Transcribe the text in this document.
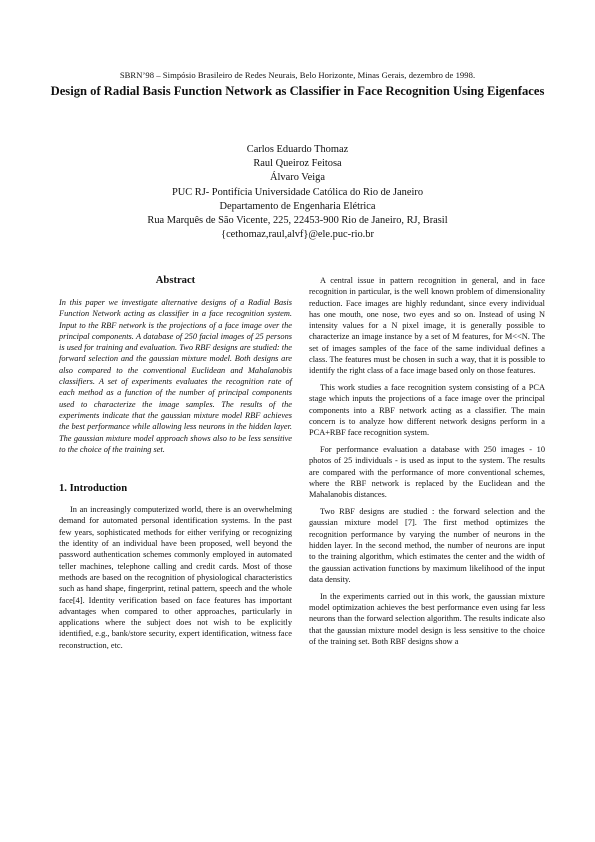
SBRN’98 – Simpósio Brasileiro de Redes Neurais, Belo Horizonte, Minas Gerais, dezembro de 1998.
Design of Radial Basis Function Network as Classifier in Face Recognition Using Eigenfaces
Carlos Eduardo Thomaz
Raul Queiroz Feitosa
Álvaro Veiga
PUC RJ- Pontifícia Universidade Católica do Rio de Janeiro
Departamento de Engenharia Elétrica
Rua Marquês de São Vicente, 225, 22453-900 Rio de Janeiro, RJ, Brasil
{cethomaz,raul,alvf}@ele.puc-rio.br
Abstract

In this paper we investigate alternative designs of a Radial Basis Function Network acting as classifier in a face recognition system. Input to the RBF network is the projections of a face image over the principal components. A database of 250 facial images of 25 persons is used for training and evaluation. Two RBF designs are studied: the forward selection and the gaussian mixture model. Both designs are also compared to the conventional Euclidean and Mahalanobis classifiers. A set of experiments evaluates the recognition rate of each method as a function of the number of principal components used to characterize the image samples. The results of the experiments indicate that the gaussian mixture model RBF achieves the best performance while allowing less neurons in the hidden layer. The gaussian mixture model approach shows also to be less sensitive to the choice of the training set.

1. Introduction

In an increasingly computerized world, there is an overwhelming demand for automated personal identification systems. In the past few years, sophisticated methods for either verifying or recognizing the identity of an individual have been proposed, well beyond the password authentication schemes commonly employed in automated teller machines, telephone calling and credit cards. Most of those methods are based on the recognition of physiological characteristics such as hand shape, fingerprint, retinal pattern, speech and the whole face[4]. Identity verification based on face features has important advantages when compared to other approaches, particularly in applications where the subject does not wish to be explicitly identified, e.g., bank/store security, expert identification, witness face reconstruction, etc.

A central issue in pattern recognition in general, and in face recognition in particular, is the well known problem of dimensionality reduction. Face images are highly redundant, since every individual has one mouth, one nose, two eyes and so on. Instead of using N intensity values for a N pixel image, it is generally possible to characterize an image instance by a set of M features, for M<<N. The set of images samples of the face of the same individual defines a class. The features must be chosen in such a way, that it is possible to identify the right class of a face image based only on those features.

This work studies a face recognition system consisting of a PCA stage which inputs the projections of a face image over the principal components into a RBF network acting as a classifier. The main concern is to analyze how different network designs perform in a PCA+RBF face recognition system.

For performance evaluation a database with 250 images - 10 photos of 25 individuals - is used as input to the system. The results are compared with the performance of more conventional schemes, where the RBF network is replaced by the Euclidean and the Mahalanobis distances.

Two RBF designs are studied : the forward selection and the gaussian mixture model [7]. The first method optimizes the recognition performance by varying the number of neurons in the hidden layer. In the second method, the number of neurons are input to the training algorithm, which estimates the center and the width of the gaussian activation functions by maximum likelihood of the input data density.

In the experiments carried out in this work, the gaussian mixture model optimization achieves the best performance even using far less neurons than the forward selection algorithm. The results indicate also that the gaussian mixture model design is less sensitive to the choice of the training set. Both RBF designs show a
